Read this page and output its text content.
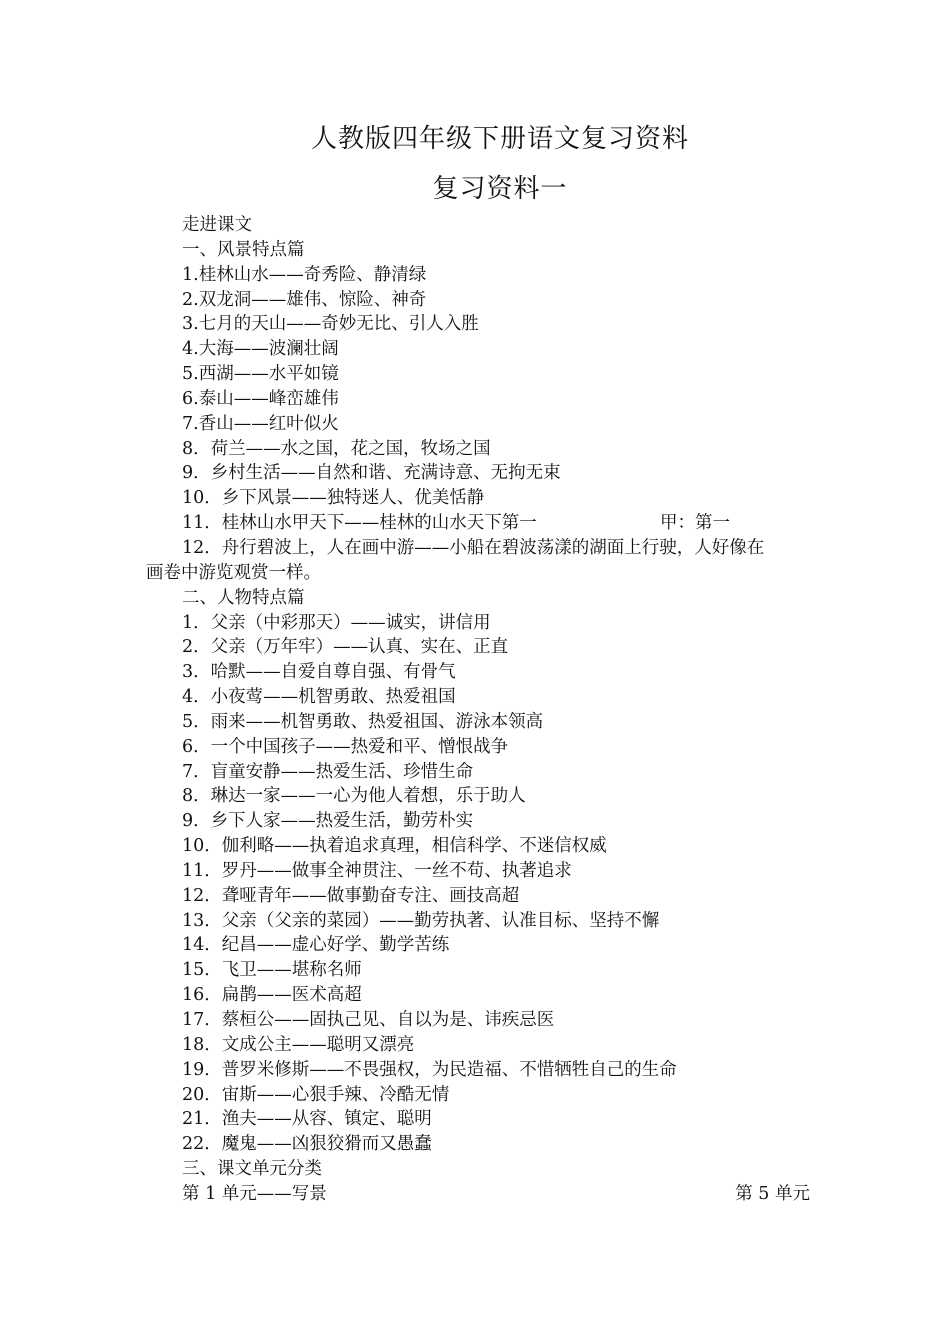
人教版四年级下册语文复习资料
复习资料一
走进课文
一、风景特点篇
1.桂林山水——奇秀险、静清绿
2.双龙洞——雄伟、惊险、神奇
3.七月的天山——奇妙无比、引人入胜
4.大海——波澜壮阔
5.西湖——水平如镜
6.泰山——峰峦雄伟
7.香山——红叶似火
8．荷兰——水之国，花之国，牧场之国
9．乡村生活——自然和谐、充满诗意、无拘无束
10．乡下风景——独特迷人、优美恬静
11．桂林山水甲天下——桂林的山水天下第一	甲：第一
12．舟行碧波上，人在画中游——小船在碧波荡漾的湖面上行驶，人好像在
画卷中游览观赏一样。
二、人物特点篇
1．父亲（中彩那天）——诚实，讲信用
2．父亲（万年牢）——认真、实在、正直
3．哈默——自爱自尊自强、有骨气
4．小夜莺——机智勇敢、热爱祖国
5．雨来——机智勇敢、热爱祖国、游泳本领高
6．一个中国孩子——热爱和平、憎恨战争
7．盲童安静——热爱生活、珍惜生命
8．琳达一家——一心为他人着想，乐于助人
9．乡下人家——热爱生活，勤劳朴实
10．伽利略——执着追求真理，相信科学、不迷信权威
11．罗丹——做事全神贯注、一丝不苟、执著追求
12．聋哑青年——做事勤奋专注、画技高超
13．父亲（父亲的菜园）——勤劳执著、认准目标、坚持不懈
14．纪昌——虚心好学、勤学苦练
15．飞卫——堪称名师
16．扁鹊——医术高超
17．蔡桓公——固执己见、自以为是、讳疾忌医
18．文成公主——聪明又漂亮
19．普罗米修斯——不畏强权，为民造福、不惜牺牲自己的生命
20．宙斯——心狠手辣、冷酷无情
21．渔夫——从容、镇定、聪明
22．魔鬼——凶狠狡猾而又愚蠢
三、课文单元分类
第 1 单元——写景	第 5 单元
